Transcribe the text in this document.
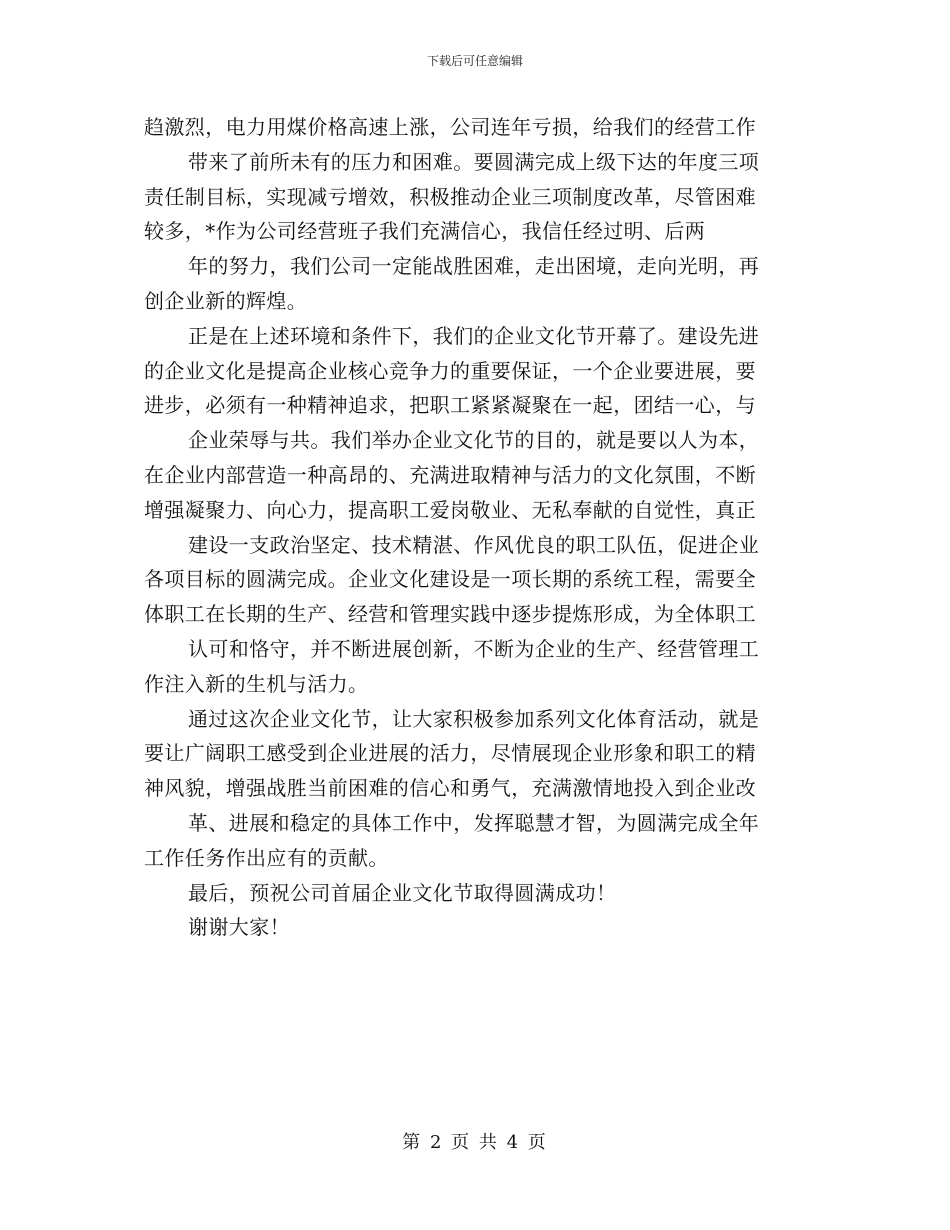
下载后可任意编辑
趋激烈，电力用煤价格高速上涨，公司连年亏损，给我们的经营工作
带来了前所未有的压力和困难。要圆满完成上级下达的年度三项
责任制目标，实现减亏增效，积极推动企业三项制度改革，尽管困难
较多，*作为公司经营班子我们充满信心，我信任经过明、后两
年的努力，我们公司一定能战胜困难，走出困境，走向光明，再
创企业新的辉煌。
正是在上述环境和条件下，我们的企业文化节开幕了。建设先进
的企业文化是提高企业核心竞争力的重要保证，一个企业要进展，要
进步，必须有一种精神追求，把职工紧紧凝聚在一起，团结一心，与
企业荣辱与共。我们举办企业文化节的目的，就是要以人为本，
在企业内部营造一种高昂的、充满进取精神与活力的文化氛围，不断
增强凝聚力、向心力，提高职工爱岗敬业、无私奉献的自觉性，真正
建设一支政治坚定、技术精湛、作风优良的职工队伍，促进企业
各项目标的圆满完成。企业文化建设是一项长期的系统工程，需要全
体职工在长期的生产、经营和管理实践中逐步提炼形成，为全体职工
认可和恪守，并不断进展创新，不断为企业的生产、经营管理工
作注入新的生机与活力。
通过这次企业文化节，让大家积极参加系列文化体育活动，就是
要让广阔职工感受到企业进展的活力，尽情展现企业形象和职工的精
神风貌，增强战胜当前困难的信心和勇气，充满激情地投入到企业改
革、进展和稳定的具体工作中，发挥聪慧才智，为圆满完成全年
工作任务作出应有的贡献。
最后，预祝公司首届企业文化节取得圆满成功！
谢谢大家！
第 2 页 共 4 页
